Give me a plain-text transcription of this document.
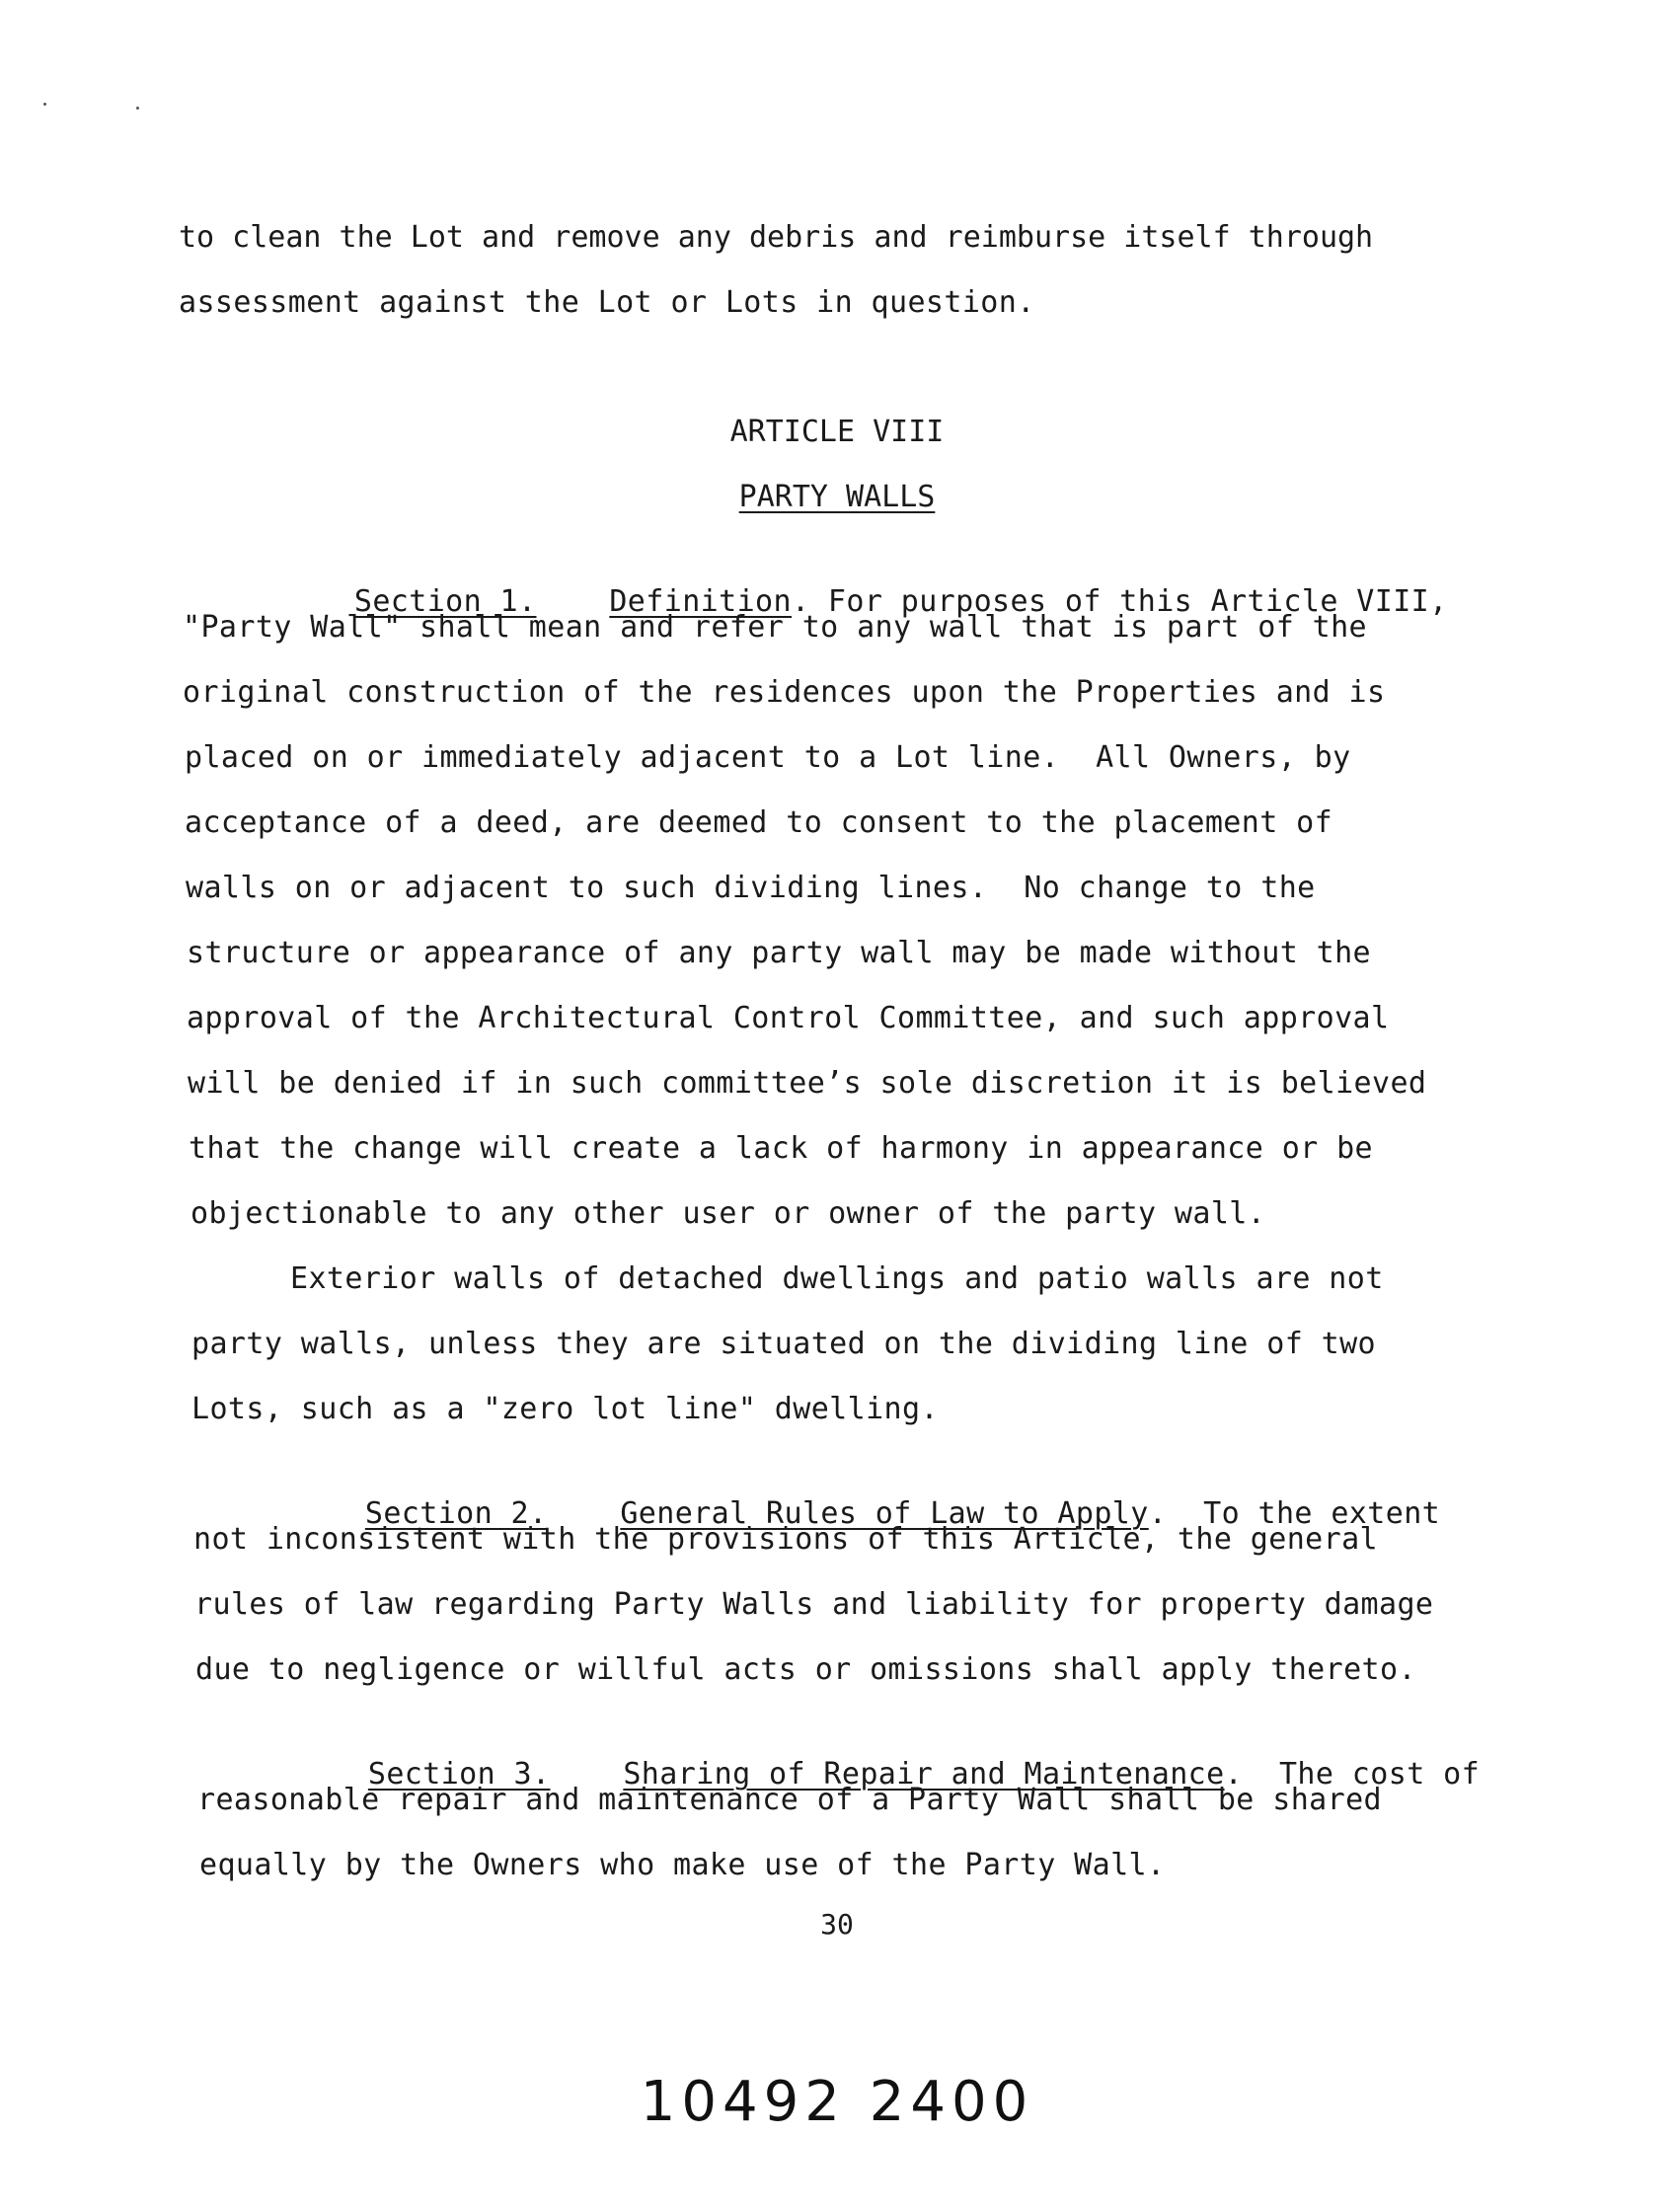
to clean the Lot and remove any debris and reimburse itself through
assessment against the Lot or Lots in question.
ARTICLE VIII
PARTY WALLS

Section 1. Definition. For purposes of this Article VIII,

"Party Wall" shall mean and refer to any wall that is part of the
original construction of the residences upon the Properties and is
placed on or immediately adjacent to a Lot line.  All Owners, by
acceptance of a deed, are deemed to consent to the placement of
walls on or adjacent to such dividing lines.  No change to the
structure or appearance of any party wall may be made without the
approval of the Architectural Control Committee, and such approval
will be denied if in such committee’s sole discretion it is believed
that the change will create a lack of harmony in appearance or be
objectionable to any other user or owner of the party wall.
Exterior walls of detached dwellings and patio walls are not
party walls, unless they are situated on the dividing line of two
Lots, such as a "zero lot line" dwelling.

Section 2. General Rules of Law to Apply.  To the extent

not inconsistent with the provisions of this Article, the general
rules of law regarding Party Walls and liability for property damage
due to negligence or willful acts or omissions shall apply thereto.

Section 3. Sharing of Repair and Maintenance.  The cost of

reasonable repair and maintenance of a Party Wall shall be shared
equally by the Owners who make use of the Party Wall.
30
10492 2400
